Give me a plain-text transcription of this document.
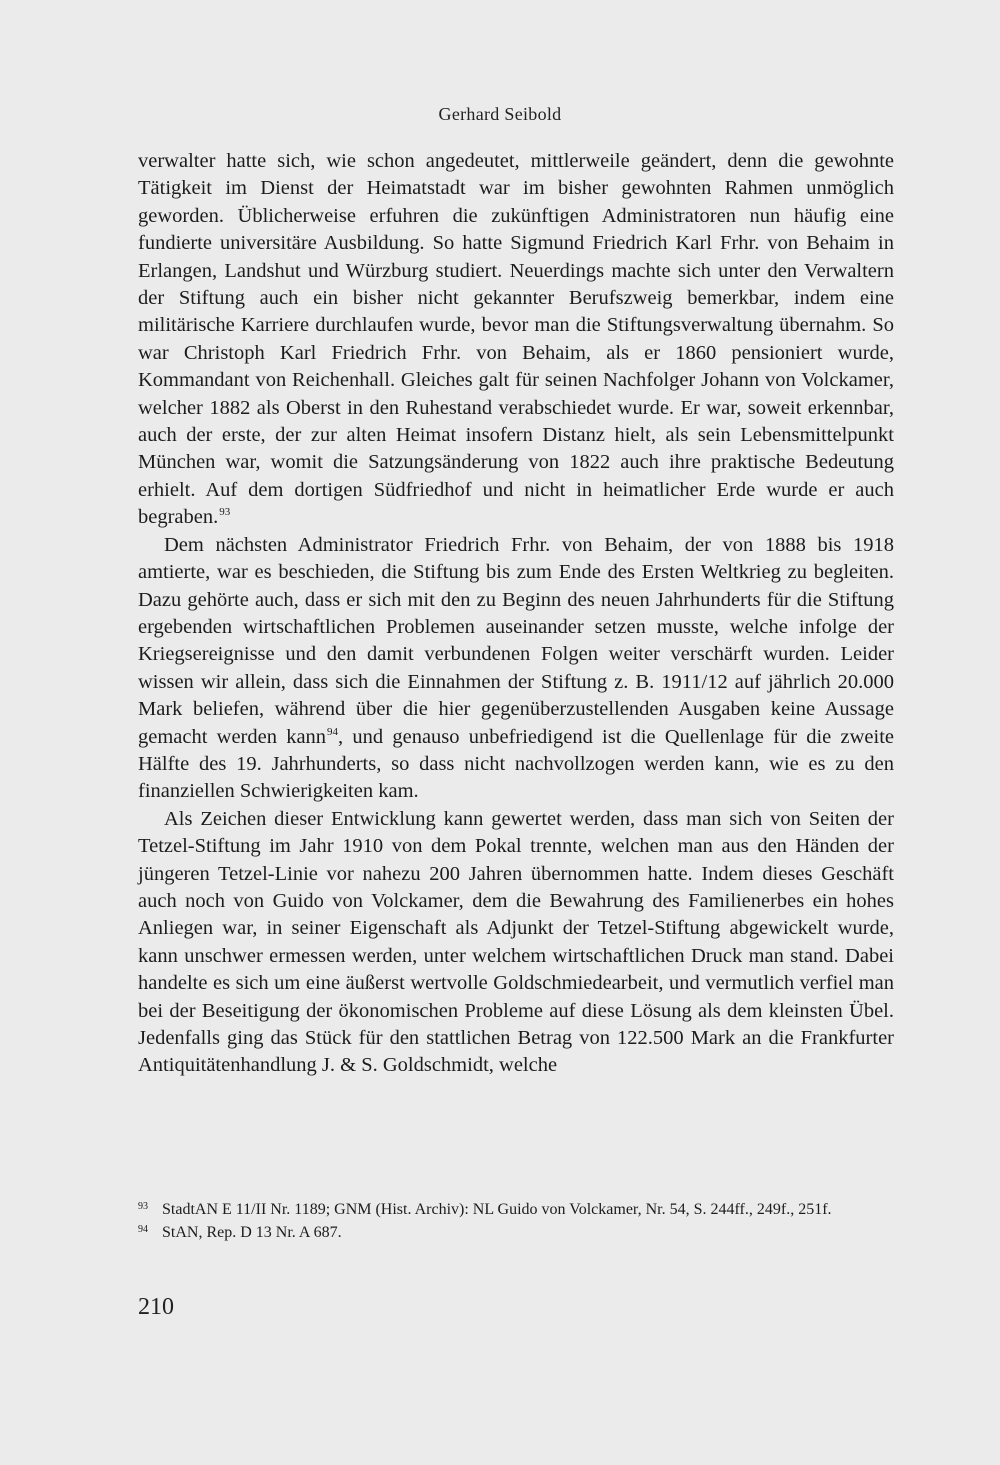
Gerhard Seibold

verwalter hatte sich, wie schon angedeutet, mittlerweile geändert, denn die gewohnte Tätigkeit im Dienst der Heimatstadt war im bisher gewohnten Rahmen unmöglich geworden. Üblicherweise erfuhren die zukünftigen Administratoren nun häufig eine fundierte universitäre Ausbildung. So hatte Sigmund Friedrich Karl Frhr. von Behaim in Erlangen, Landshut und Würzburg studiert. Neuerdings machte sich unter den Verwaltern der Stiftung auch ein bisher nicht gekannter Berufszweig bemerkbar, indem eine militärische Karriere durchlaufen wurde, bevor man die Stiftungsverwaltung übernahm. So war Christoph Karl Friedrich Frhr. von Behaim, als er 1860 pensioniert wurde, Kommandant von Reichenhall. Gleiches galt für seinen Nachfolger Johann von Volckamer, welcher 1882 als Oberst in den Ruhestand verabschiedet wurde. Er war, soweit erkennbar, auch der erste, der zur alten Heimat insofern Distanz hielt, als sein Lebensmittelpunkt München war, womit die Satzungsänderung von 1822 auch ihre praktische Bedeutung erhielt. Auf dem dortigen Südfriedhof und nicht in heimatlicher Erde wurde er auch begraben.$^{93}$

Dem nächsten Administrator Friedrich Frhr. von Behaim, der von 1888 bis 1918 amtierte, war es beschieden, die Stiftung bis zum Ende des Ersten Weltkrieg zu begleiten. Dazu gehörte auch, dass er sich mit den zu Beginn des neuen Jahrhunderts für die Stiftung ergebenden wirtschaftlichen Problemen auseinander setzen musste, welche infolge der Kriegsereignisse und den damit verbundenen Folgen weiter verschärft wurden. Leider wissen wir allein, dass sich die Einnahmen der Stiftung z. B. 1911/12 auf jährlich 20.000 Mark beliefen, während über die hier gegenüberzustellenden Ausgaben keine Aussage gemacht werden kann$^{94}$, und genauso unbefriedigend ist die Quellenlage für die zweite Hälfte des 19. Jahrhunderts, so dass nicht nachvollzogen werden kann, wie es zu den finanziellen Schwierigkeiten kam.

Als Zeichen dieser Entwicklung kann gewertet werden, dass man sich von Seiten der Tetzel-Stiftung im Jahr 1910 von dem Pokal trennte, welchen man aus den Händen der jüngeren Tetzel-Linie vor nahezu 200 Jahren übernommen hatte. Indem dieses Geschäft auch noch von Guido von Volckamer, dem die Bewahrung des Familienerbes ein hohes Anliegen war, in seiner Eigenschaft als Adjunkt der Tetzel-Stiftung abgewickelt wurde, kann unschwer ermessen werden, unter welchem wirtschaftlichen Druck man stand. Dabei handelte es sich um eine äußerst wertvolle Goldschmiedearbeit, und vermutlich verfiel man bei der Beseitigung der ökonomischen Probleme auf diese Lösung als dem kleinsten Übel. Jedenfalls ging das Stück für den stattlichen Betrag von 122.500 Mark an die Frankfurter Antiquitätenhandlung J. & S. Goldschmidt, welche

93 StadtAN E 11/II Nr. 1189; GNM (Hist. Archiv): NL Guido von Volckamer, Nr. 54, S. 244ff., 249f., 251f.
94 StAN, Rep. D 13 Nr. A 687.
210
